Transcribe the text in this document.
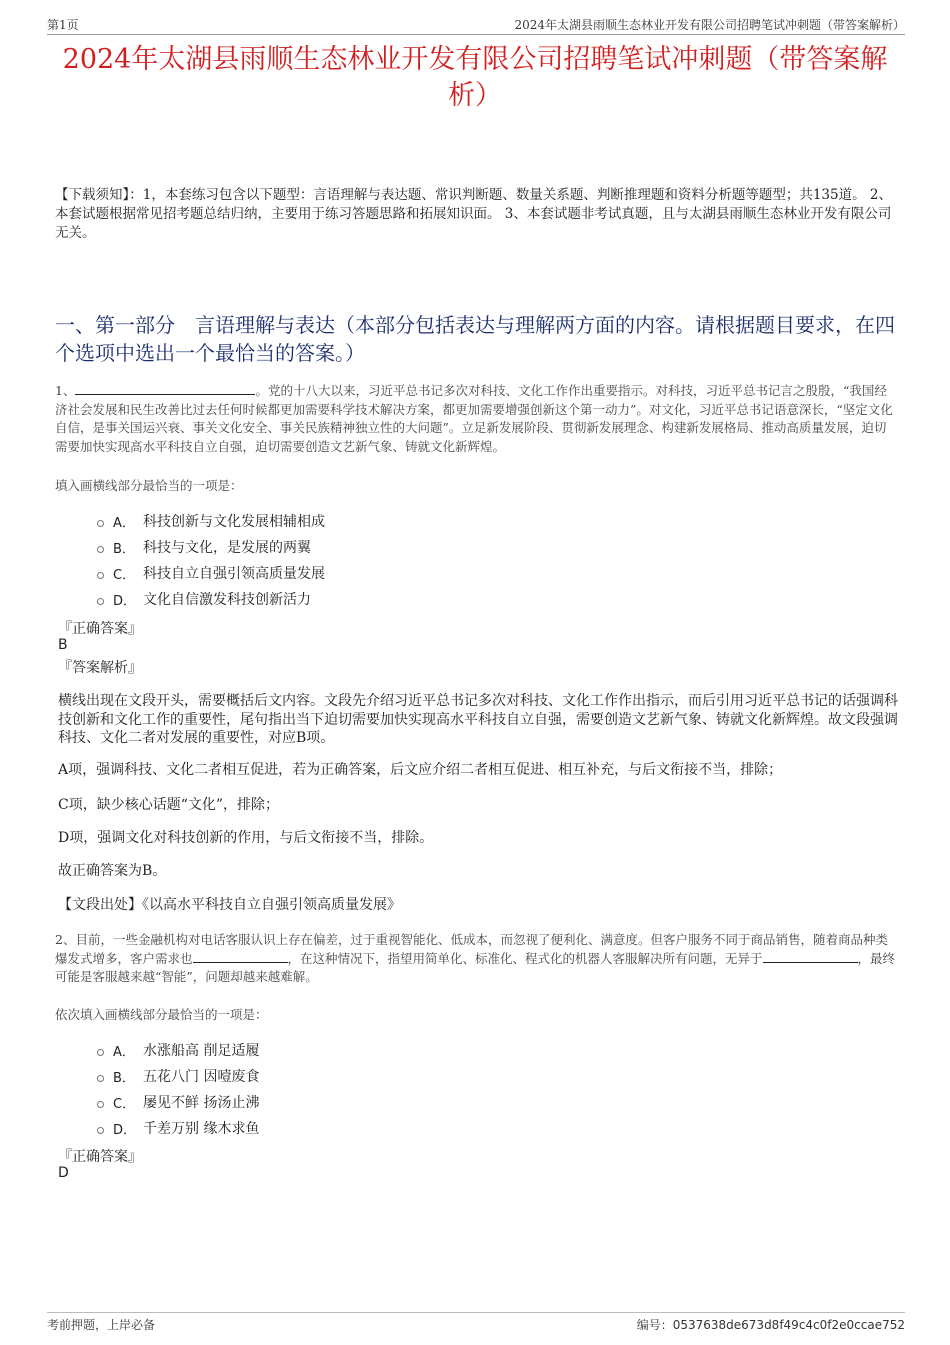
第1页	2024年太湖县雨顺生态林业开发有限公司招聘笔试冲刺题（带答案解析）
2024年太湖县雨顺生态林业开发有限公司招聘笔试冲刺题（带答案解析）
【下载须知】：1，本套练习包含以下题型：言语理解与表达题、常识判断题、数量关系题、判断推理题和资料分析题等题型；共135道。 2、本套试题根据常见招考题总结归纳，主要用于练习答题思路和拓展知识面。 3、本套试题非考试真题，且与太湖县雨顺生态林业开发有限公司无关。
一、第一部分　言语理解与表达（本部分包括表达与理解两方面的内容。请根据题目要求，在四个选项中选出一个最恰当的答案。）
1、	。党的十八大以来，习近平总书记多次对科技、文化工作作出重要指示。对科技，习近平总书记言之殷殷，“我国经济社会发展和民生改善比过去任何时候都更加需要科学技术解决方案，都更加需要增强创新这个第一动力”。对文化，习近平总书记语意深长，“坚定文化自信，是事关国运兴衰、事关文化安全、事关民族精神独立性的大问题”。立足新发展阶段、贯彻新发展理念、构建新发展格局、推动高质量发展，迫切需要加快实现高水平科技自立自强，迫切需要创造文艺新气象、铸就文化新辉煌。
填入画横线部分最恰当的一项是：
A． 科技创新与文化发展相辅相成
B． 科技与文化，是发展的两翼
C． 科技自立自强引领高质量发展
D． 文化自信激发科技创新活力
『正确答案』
B
『答案解析』
横线出现在文段开头，需要概括后文内容。文段先介绍习近平总书记多次对科技、文化工作作出指示，而后引用习近平总书记的话强调科技创新和文化工作的重要性，尾句指出当下迫切需要加快实现高水平科技自立自强，需要创造文艺新气象、铸就文化新辉煌。故文段强调科技、文化二者对发展的重要性，对应B项。
A项，强调科技、文化二者相互促进，若为正确答案，后文应介绍二者相互促进、相互补充，与后文衔接不当，排除；
C项，缺少核心话题“文化”，排除；
D项，强调文化对科技创新的作用，与后文衔接不当，排除。
故正确答案为B。
【文段出处】《以高水平科技自立自强引领高质量发展》
2、目前，一些金融机构对电话客服认识上存在偏差，过于重视智能化、低成本，而忽视了便利化、满意度。但客户服务不同于商品销售，随着商品种类爆发式增多，客户需求也	，在这种情况下，指望用简单化、标准化、程式化的机器人客服解决所有问题，无异于	，最终可能是客服越来越“智能”，问题却越来越难解。
依次填入画横线部分最恰当的一项是：
A． 水涨船高 削足适履
B． 五花八门 因噎废食
C． 屡见不鲜 扬汤止沸
D． 千差万别 缘木求鱼
『正确答案』
D
考前押题，上岸必备	编号：0537638de673d8f49c4c0f2e0ccae752
